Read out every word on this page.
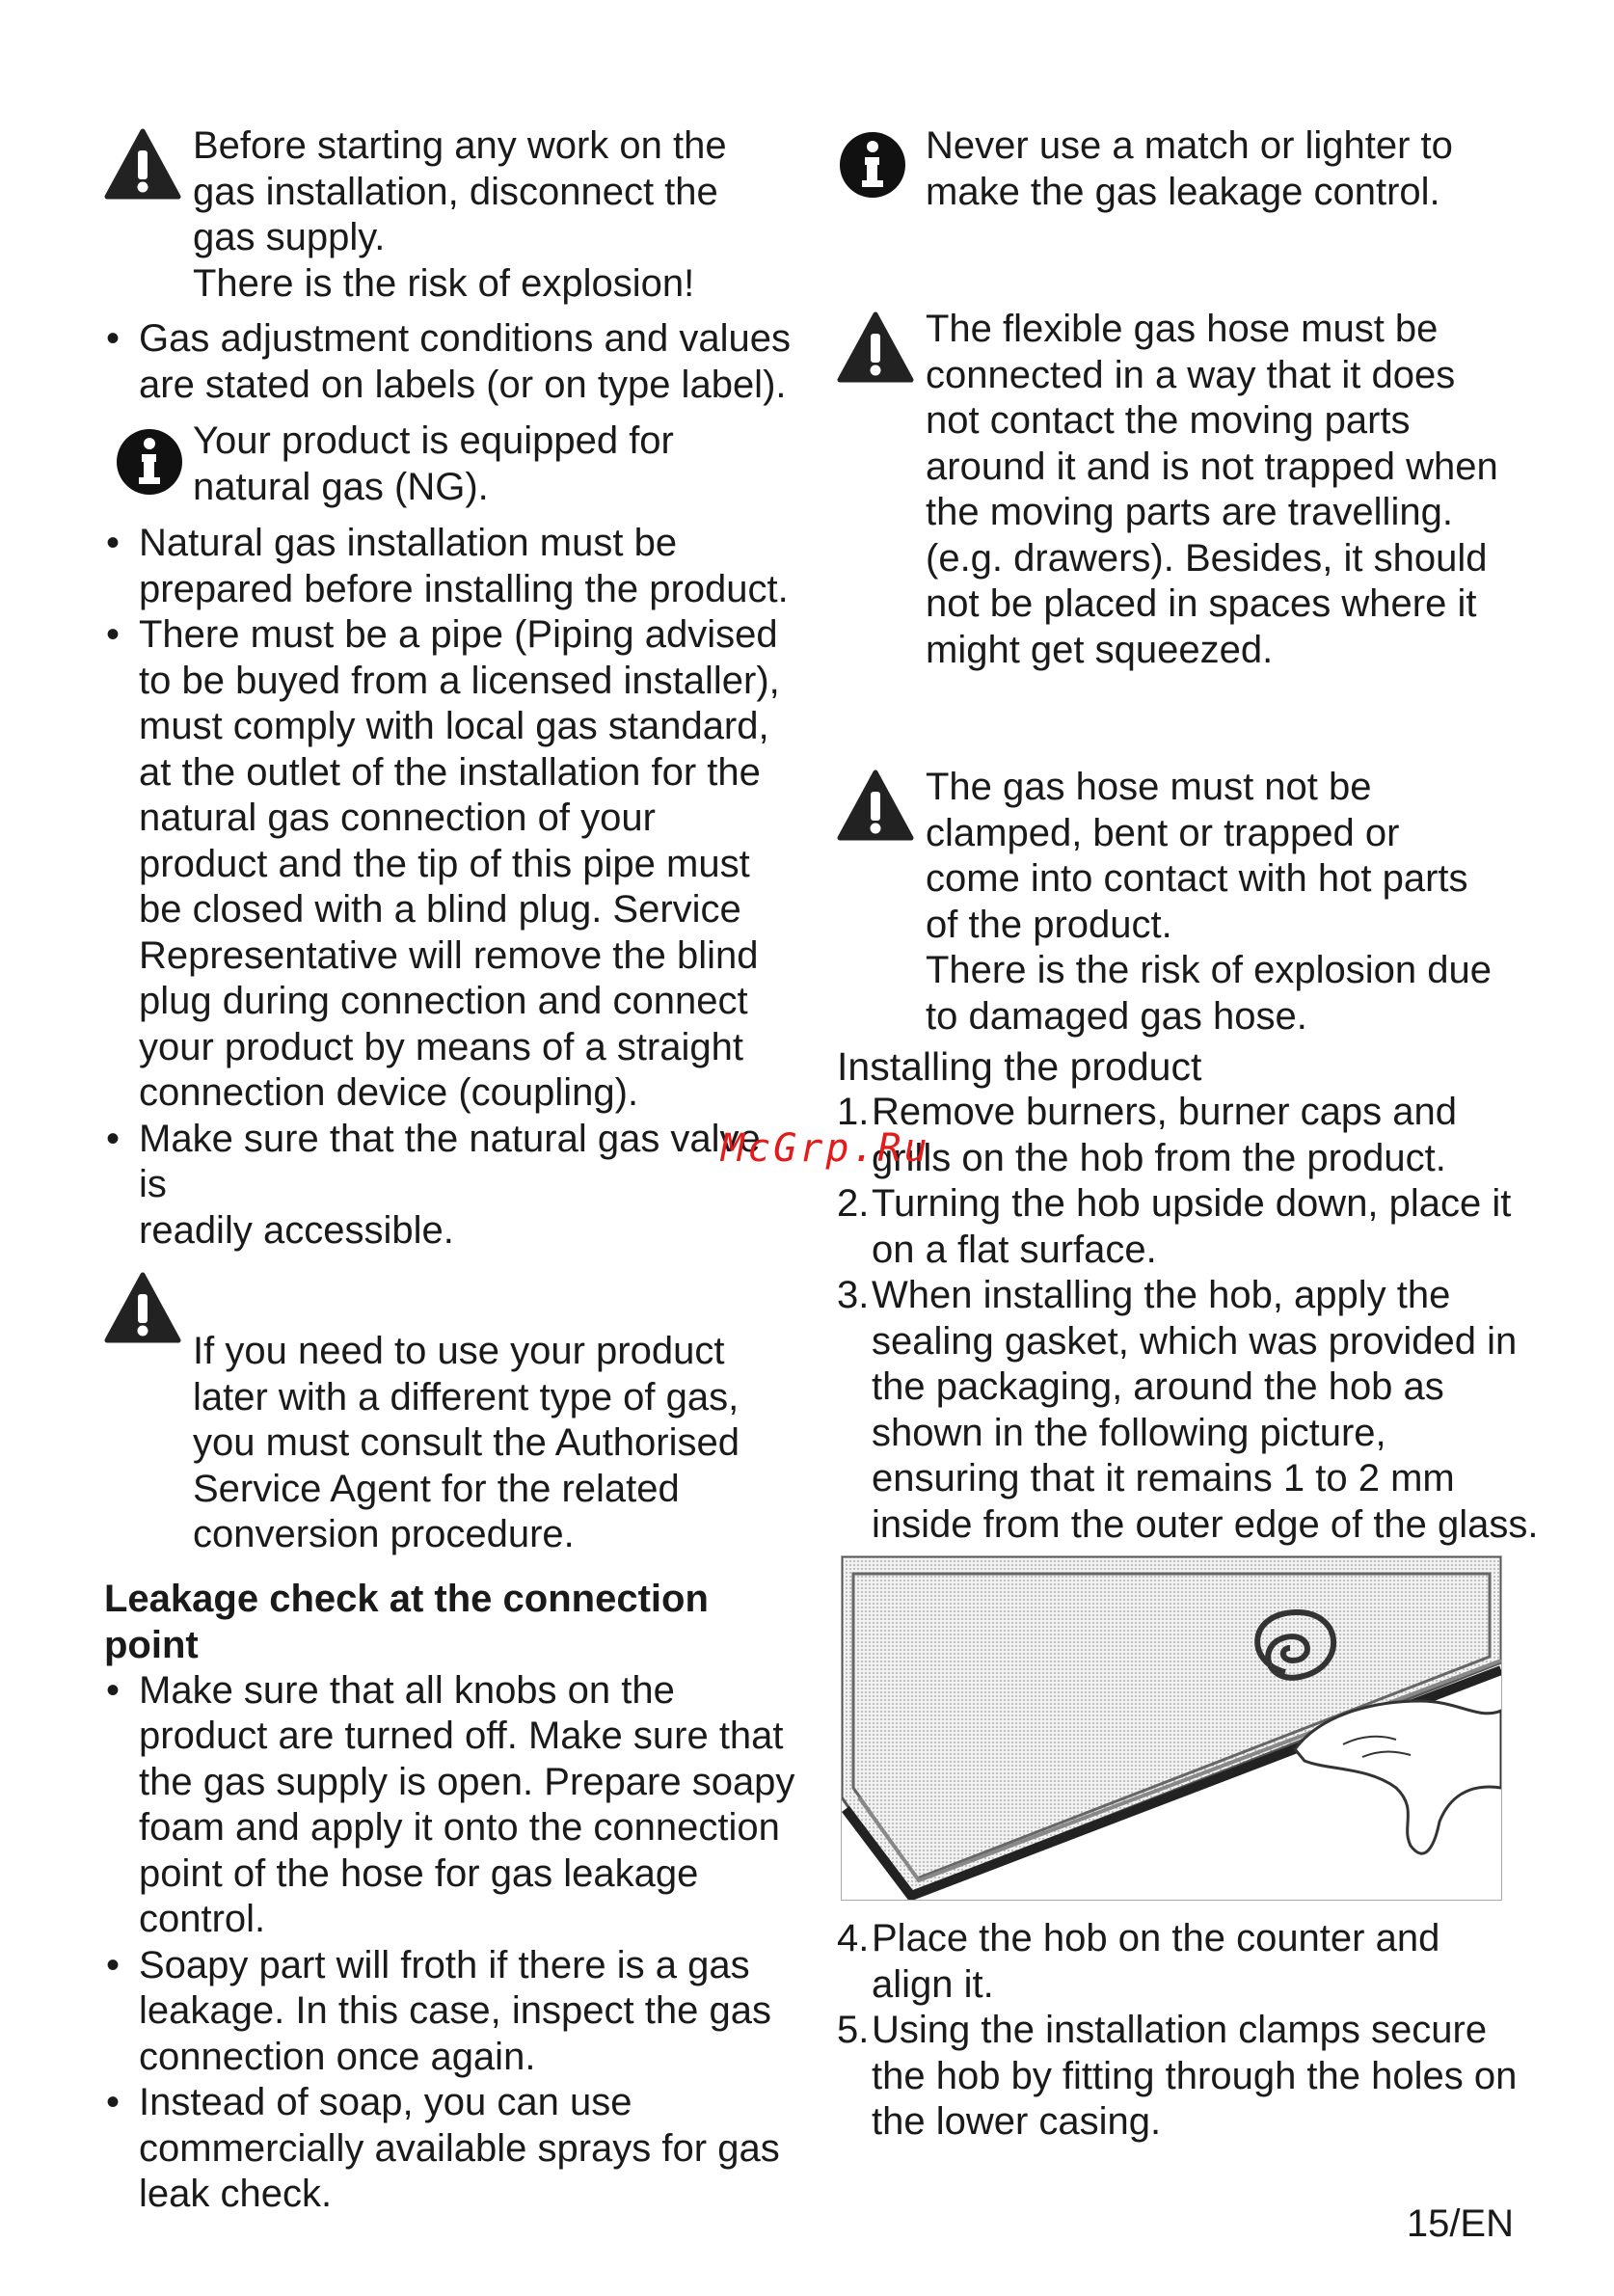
Before starting any work on the

gas installation, disconnect the

gas supply.

There is the risk of explosion!

• Gas adjustment conditions and values
are stated on labels (or on type label).

Your product is equipped for

natural gas (NG).

• Natural gas installation must be
prepared before installing the product.
• There must be a pipe (Piping advised
to be buyed from a licensed installer),
must comply with local gas standard,
at the outlet of the installation for the
natural gas connection of your
product and the tip of this pipe must
be closed with a blind plug. Service
Representative will remove the blind
plug during connection and connect
your product by means of a straight
connection device (coupling).
• Make sure that the natural gas valve is
readily accessible.

If you need to use your product

later with a different type of gas,

you must consult the Authorised

Service Agent for the related

conversion procedure.

Leakage check at the connection

point

• Make sure that all knobs on the
product are turned off. Make sure that
the gas supply is open. Prepare soapy
foam and apply it onto the connection
point of the hose for gas leakage
control.
• Soapy part will froth if there is a gas
leakage. In this case, inspect the gas
connection once again.
• Instead of soap, you can use
commercially available sprays for gas
leak check.

Never use a match or lighter to

make the gas leakage control.

The flexible gas hose must be

connected in a way that it does

not contact the moving parts

around it and is not trapped when

the moving parts are travelling.

(e.g. drawers). Besides, it should

not be placed in spaces where it

might get squeezed.

The gas hose must not be

clamped, bent or trapped or

come into contact with hot parts

of the product.

There is the risk of explosion due

to damaged gas hose.

Installing the product

1. Remove burners, burner caps and
grills on the hob from the product.
2. Turning the hob upside down, place it
on a flat surface.
3. When installing the hob, apply the
sealing gasket, which was provided in
the packaging, around the hob as
shown in the following picture,
ensuring that it remains 1 to 2 mm
inside from the outer edge of the glass.
4. Place the hob on the counter and
align it.
5. Using the installation clamps secure
the hob by fitting through the holes on
the lower casing.
McGrp.Ru
15/EN
